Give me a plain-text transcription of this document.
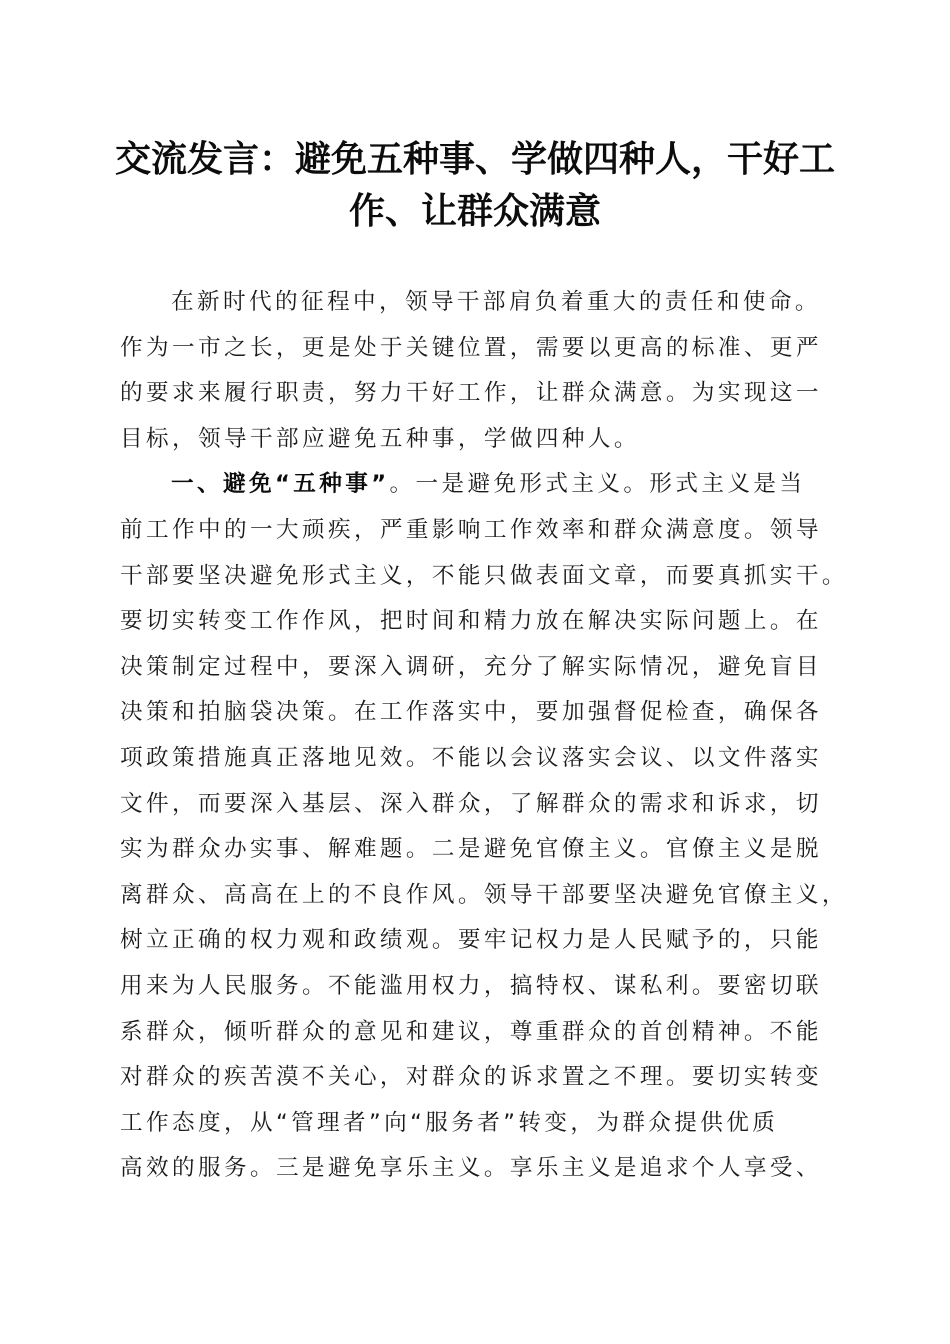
交流发言：避免五种事、学做四种人，干好工
作、让群众满意
在新时代的征程中，领导干部肩负着重大的责任和使命。
作为一市之长，更是处于关键位置，需要以更高的标准、更严
的要求来履行职责，努力干好工作，让群众满意。为实现这一
目标，领导干部应避免五种事，学做四种人。
一、避免“五种事”。一是避免形式主义。形式主义是当
前工作中的一大顽疾，严重影响工作效率和群众满意度。领导
干部要坚决避免形式主义，不能只做表面文章，而要真抓实干。
要切实转变工作作风，把时间和精力放在解决实际问题上。在
决策制定过程中，要深入调研，充分了解实际情况，避免盲目
决策和拍脑袋决策。在工作落实中，要加强督促检查，确保各
项政策措施真正落地见效。不能以会议落实会议、以文件落实
文件，而要深入基层、深入群众，了解群众的需求和诉求，切
实为群众办实事、解难题。二是避免官僚主义。官僚主义是脱
离群众、高高在上的不良作风。领导干部要坚决避免官僚主义，
树立正确的权力观和政绩观。要牢记权力是人民赋予的，只能
用来为人民服务。不能滥用权力，搞特权、谋私利。要密切联
系群众，倾听群众的意见和建议，尊重群众的首创精神。不能
对群众的疾苦漠不关心，对群众的诉求置之不理。要切实转变
工作态度，从“管理者”向“服务者”转变，为群众提供优质
高效的服务。三是避免享乐主义。享乐主义是追求个人享受、
